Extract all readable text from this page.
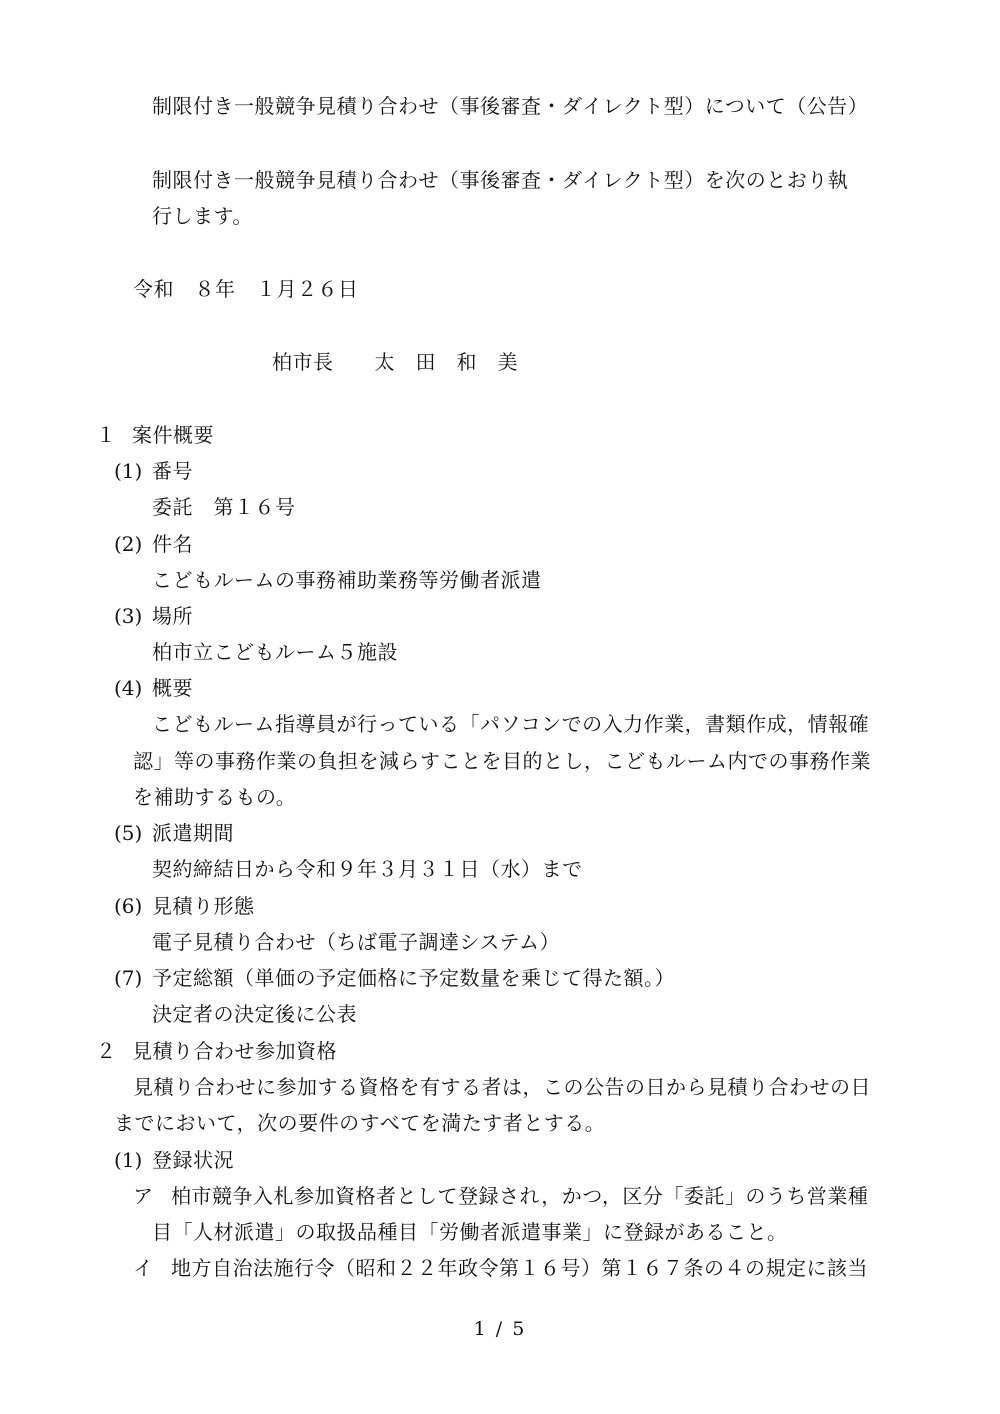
制限付き一般競争見積り合わせ（事後審査・ダイレクト型）について（公告）
制限付き一般競争見積り合わせ（事後審査・ダイレクト型）を次のとおり執
行します。
令和　８年　１月２６日
柏市長　　太　田　和　美
１ 案件概要
(1) 番号
委託　第１６号
(2) 件名
こどもルームの事務補助業務等労働者派遣
(3) 場所
柏市立こどもルーム５施設
(4) 概要
こどもルーム指導員が行っている「パソコンでの入力作業，書類作成，情報確
認」等の事務作業の負担を減らすことを目的とし，こどもルーム内での事務作業
を補助するもの。
(5) 派遣期間
契約締結日から令和９年３月３１日（水）まで
(6) 見積り形態
電子見積り合わせ（ちば電子調達システム）
(7) 予定総額（単価の予定価格に予定数量を乗じて得た額。）
決定者の決定後に公表
２ 見積り合わせ参加資格
見積り合わせに参加する資格を有する者は，この公告の日から見積り合わせの日
までにおいて，次の要件のすべてを満たす者とする。
(1) 登録状況
ア 柏市競争入札参加資格者として登録され，かつ，区分「委託」のうち営業種
目「人材派遣」の取扱品種目「労働者派遣事業」に登録があること。
イ 地方自治法施行令（昭和２２年政令第１６号）第１６７条の４の規定に該当
1 / 5
